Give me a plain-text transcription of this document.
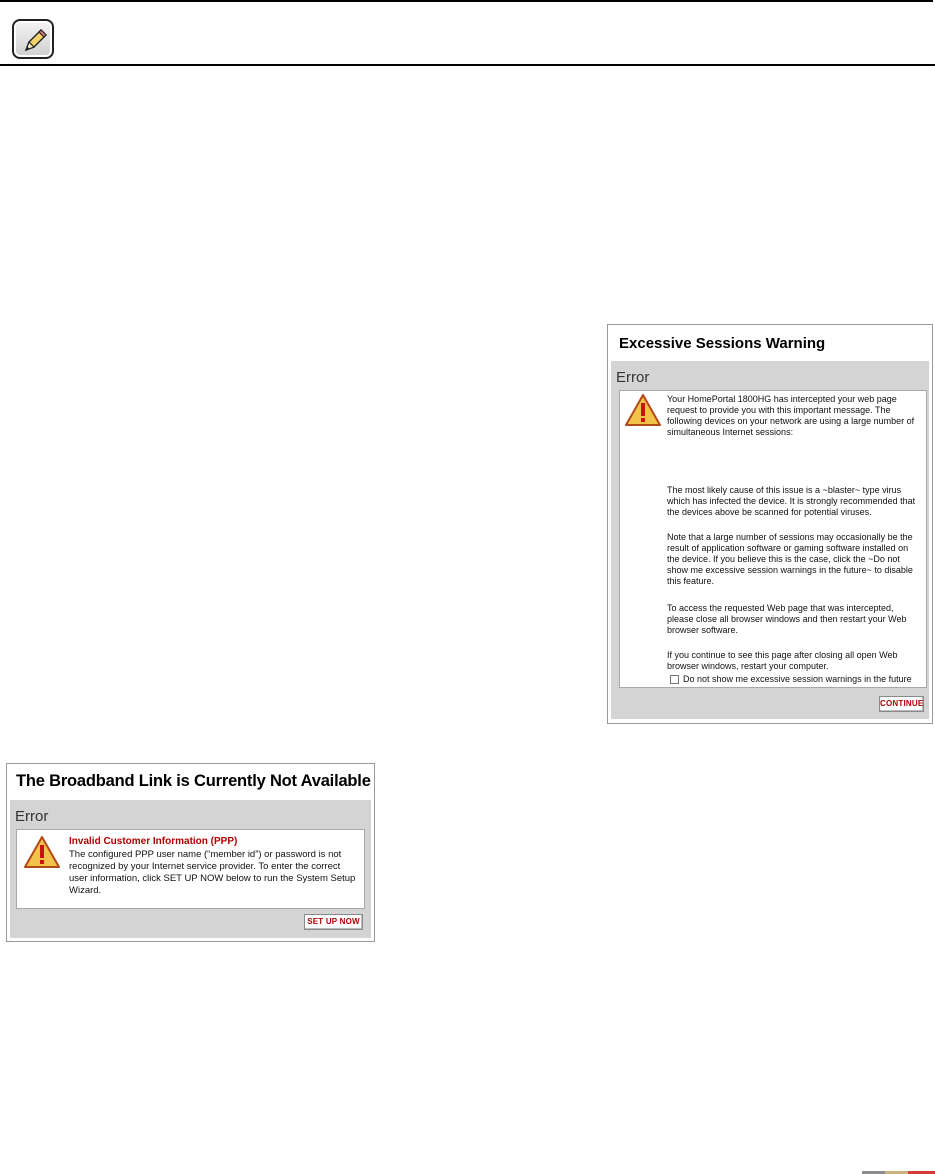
Excessive Sessions Warning
Error
Your HomePortal 1800HG has intercepted your web page request to provide you with this important message. The following devices on your network are using a large number of simultaneous Internet sessions:
The most likely cause of this issue is a ~blaster~ type virus which has infected the device. It is strongly recommended that the devices above be scanned for potential viruses.
Note that a large number of sessions may occasionally be the result of application software or gaming software installed on the device. If you believe this is the case, click the ~Do not show me excessive session warnings in the future~ to disable this feature.
To access the requested Web page that was intercepted, please close all browser windows and then restart your Web browser software.
If you continue to see this page after closing all open Web browser windows, restart your computer.
Do not show me excessive session warnings in the future
CONTINUE
The Broadband Link is Currently Not Available
Error
Invalid Customer Information (PPP)
The configured PPP user name (“member id”) or password is not recognized by your Internet service provider. To enter the correct user information, click SET UP NOW below to run the System Setup Wizard.
SET UP NOW
